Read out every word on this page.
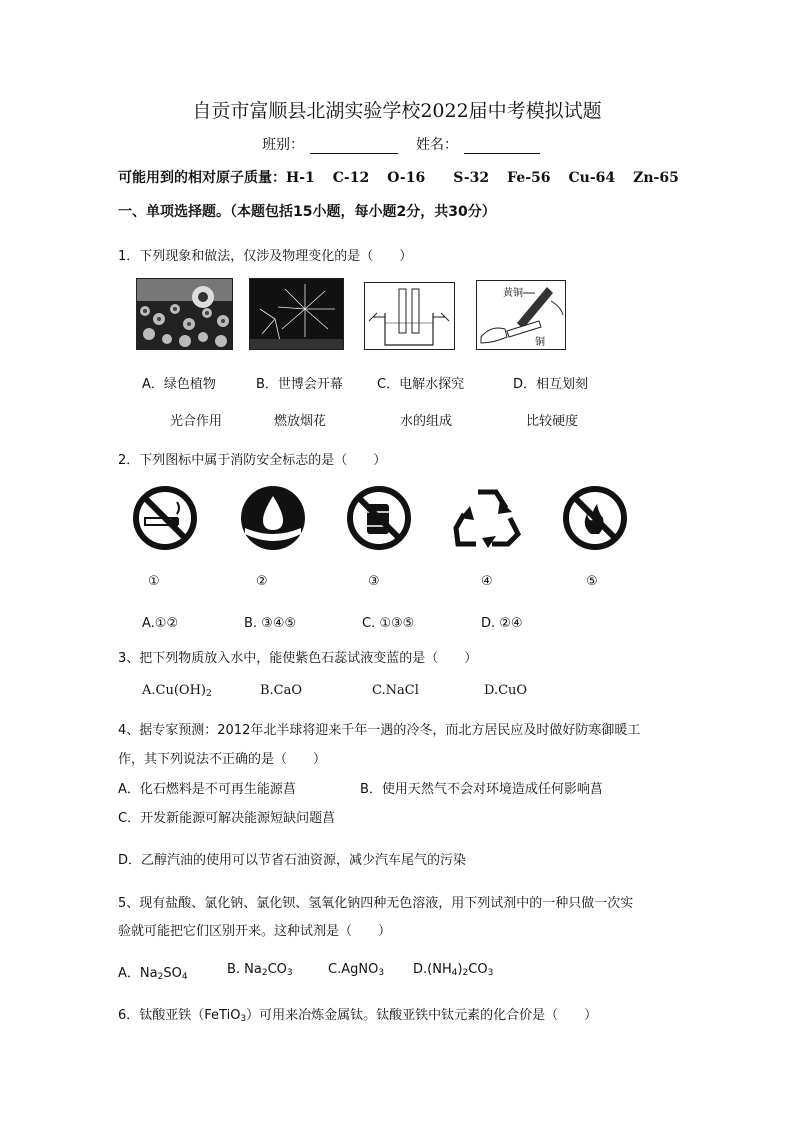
自贡市富顺县北湖实验学校2022届中考模拟试题
班别：	姓名：
可能用到的相对原子质量：H-1 C-12 O-16 S-32 Fe-56 Cu-64 Zn-65
一、单项选择题。（本题包括15小题，每小题2分，共30分）
1．下列现象和做法，仅涉及物理变化的是（　　）
黄铜
铜
A．绿色植物
光合作用
B．世博会开幕
燃放烟花
C．电解水探究
水的组成
D．相互划刻
比较硬度
2．下列图标中属于消防安全标志的是（　　）
①	②	③	④	⑤
A.①②	B. ③④⑤	C. ①③⑤	D. ②④
3、把下列物质放入水中，能使紫色石蕊试液变蓝的是（　　）
$A.Cu(OH)_2$	B.CaO	C.NaCl	D.CuO
4、据专家预测：2012年北半球将迎来千年一遇的冷冬，而北方居民应及时做好防寒御暖工
作，其下列说法不正确的是（　　）
A．化石燃料是不可再生能源菖	B．使用天然气不会对环境造成任何影响菖
C．开发新能源可解决能源短缺问题菖
D．乙醇汽油的使用可以节省石油资源，减少汽车尾气的污染
5、现有盐酸、氯化钠、氯化钡、氢氧化钠四种无色溶液，用下列试剂中的一种只做一次实
验就可能把它们区别开来。这种试剂是（　　）
A．$Na_2SO_4$	B. $Na_2CO_3$	C.AgNO$_3$ $D.(NH_4)_2CO_3$
6．钛酸亚铁（FeTiO$_3$）可用来冶炼金属钛。钛酸亚铁中钛元素的化合价是（　　）
